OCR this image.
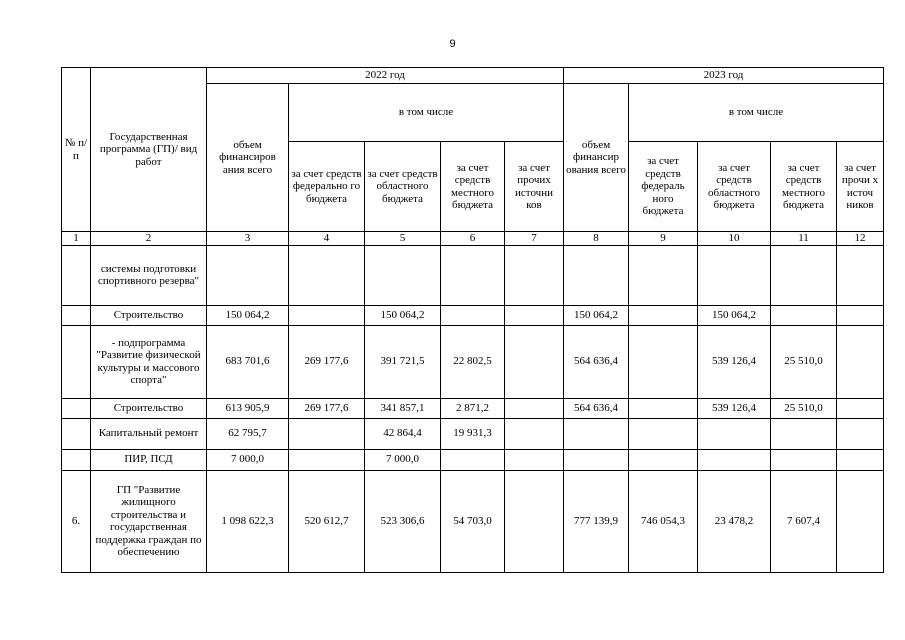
9
№ п/п	Государственная программа (ГП)/ вид работ	2022 год					2023 год				
		объем финансиров ания всего	в том числе				объем финансир ования всего	в том числе			
			за счет средств федерально го бюджета	за счет средств областного бюджета	за счет средств местного бюджета	за счет прочих источни ков		за счет средств федераль ного бюджета	за счет средств областного бюджета	за счет средств местного бюджета	за счет прочи х источ ников
1	2	3	4	5	6	7	8	9	10	11	12
	системы подготовки спортивного резерва"										
	Строительство	150 064,2		150 064,2			150 064,2		150 064,2		
	- подпрограмма "Развитие физической культуры и массового спорта"	683 701,6	269 177,6	391 721,5	22 802,5		564 636,4		539 126,4	25 510,0	
	Строительство	613 905,9	269 177,6	341 857,1	2 871,2		564 636,4		539 126,4	25 510,0	
	Капитальный ремонт	62 795,7		42 864,4	19 931,3						
	ПИР, ПСД	7 000,0		7 000,0							
6.	ГП "Развитие жилищного строительства и государственная поддержка граждан по обеспечению	1 098 622,3	520 612,7	523 306,6	54 703,0		777 139,9	746 054,3	23 478,2	7 607,4	
